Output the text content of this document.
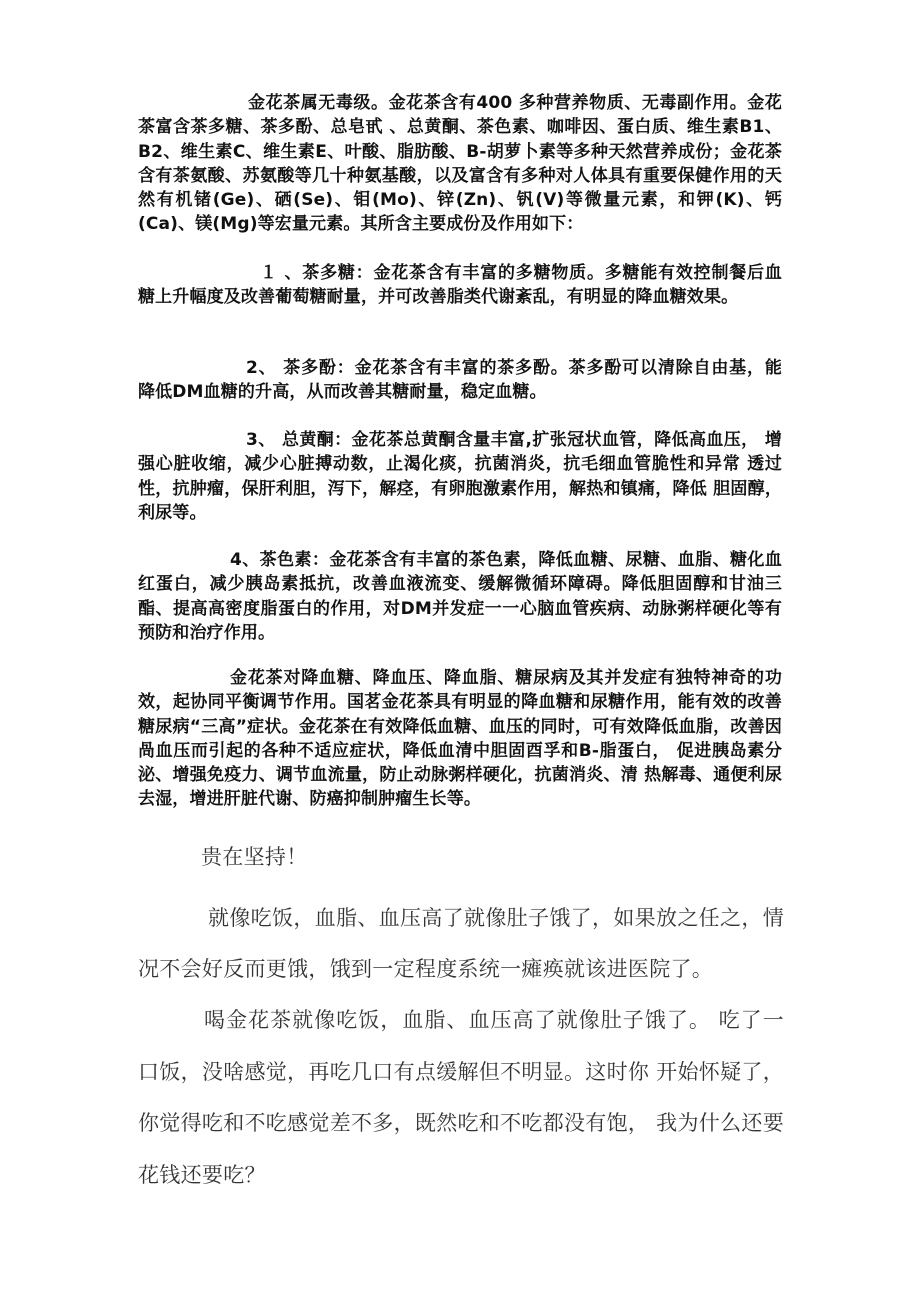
金花茶属无毒级。金花茶含有400 多种营养物质、无毒副作用。金花茶富含茶多糖、茶多酚、总皂甙 、总黄酮、茶色素、咖啡因、蛋白质、维生素B1、B2、维生素C、维生素E、叶酸、脂肪酸、B-胡萝卜素等多种天然营养成份；金花茶含有茶氨酸、苏氨酸等几十种氨基酸，以及富含有多种对人体具有重要保健作用的天然有机锗(Ge)、硒(Se)、钼(Mo)、锌(Zn)、钒(V)等微量元素，和钾(K)、钙(Ca)、镁(Mg)等宏量元素。其所含主要成份及作用如下：

１ 、茶多糖：金花茶含有丰富的多糖物质。多糖能有效控制餐后血 糖上升幅度及改善葡萄糖耐量，并可改善脂类代谢紊乱，有明显的降血糖效果。

2、 茶多酚：金花茶含有丰富的茶多酚。茶多酚可以清除自由基，能 降低DM血糖的升高，从而改善其糖耐量，稳定血糖。

3、 总黄酮：金花茶总黄酮含量丰富,扩张冠状血管，降低高血压， 增强心脏收缩，减少心脏搏动数，止渴化痰，抗菌消炎，抗毛细血管脆性和异常 透过性，抗肿瘤，保肝利胆，泻下，解痉，有卵胞激素作用，解热和镇痛，降低 胆固醇，利尿等。

4、茶色素：金花茶含有丰富的茶色素，降低血糖、尿糖、血脂、糖化血红蛋白，减少胰岛素抵抗，改善血液流变、缓解微循环障碍。降低胆固醇和甘油三酯、提高高密度脂蛋白的作用，对DM并发症一一心脑血管疾病、动脉粥样硬化等有预防和治疗作用。

金花茶对降血糖、降血压、降血脂、糖尿病及其并发症有独特神奇的功效，起协同平衡调节作用。国茗金花茶具有明显的降血糖和尿糖作用，能有效的改善糖尿病“三高”症状。金花茶在有效降低血糖、血压的同时，可有效降低血脂，改善因咼血压而引起的各种不适应症状，降低血清中胆固酉孚和B-脂蛋白， 促进胰岛素分泌、增强免疫力、调节血流量，防止动脉粥样硬化，抗菌消炎、清 热解毒、通便利尿去湿，增进肝脏代谢、防癌抑制肿瘤生长等。

贵在坚持！

就像吃饭，血脂、血压高了就像肚子饿了，如果放之任之，情况不会好反而更饿，饿到一定程度系统一瘫痪就该进医院了。

喝金花茶就像吃饭，血脂、血压高了就像肚子饿了。 吃了一口饭，没啥感觉，再吃几口有点缓解但不明显。这时你 开始怀疑了，你觉得吃和不吃感觉差不多，既然吃和不吃都没有饱， 我为什么还要花钱还要吃？
